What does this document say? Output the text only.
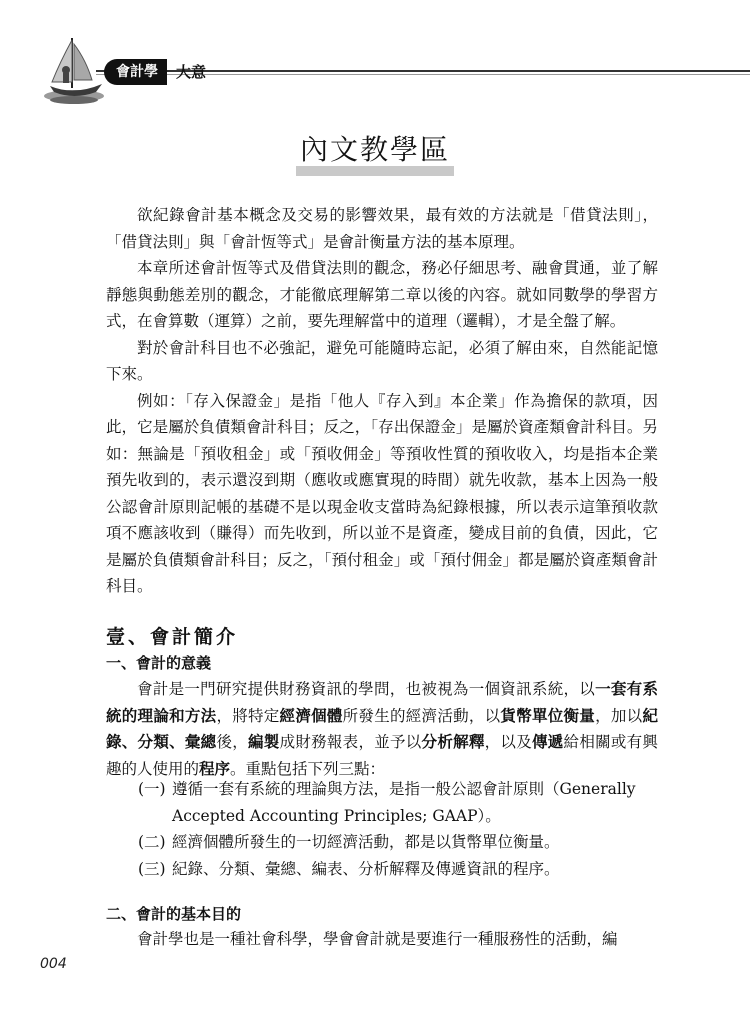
會計學	大意
內文教學區

欲紀錄會計基本概念及交易的影響效果，最有效的方法就是「借貸法則」，「借貸法則」與「會計恆等式」是會計衡量方法的基本原理。

本章所述會計恆等式及借貸法則的觀念，務必仔細思考、融會貫通，並了解靜態與動態差別的觀念，才能徹底理解第二章以後的內容。就如同數學的學習方式，在會算數（運算）之前，要先理解當中的道理（邏輯），才是全盤了解。

對於會計科目也不必強記，避免可能隨時忘記，必須了解由來，自然能記憶下來。

例如：「存入保證金」是指「他人『存入到』本企業」作為擔保的款項，因此，它是屬於負債類會計科目；反之，「存出保證金」是屬於資產類會計科目。另如：無論是「預收租金」或「預收佣金」等預收性質的預收收入，均是指本企業預先收到的，表示還沒到期（應收或應實現的時間）就先收款，基本上因為一般公認會計原則記帳的基礎不是以現金收支當時為紀錄根據，所以表示這筆預收款項不應該收到（賺得）而先收到，所以並不是資產，變成目前的負債，因此，它是屬於負債類會計科目；反之，「預付租金」或「預付佣金」都是屬於資產類會計科目。

壹、會計簡介
一、會計的意義

會計是一門研究提供財務資訊的學問，也被視為一個資訊系統，以一套有系統的理論和方法，將特定經濟個體所發生的經濟活動，以貨幣單位衡量，加以紀錄、分類、彙總後，編製成財務報表，並予以分析解釋，以及傳遞給相關或有興趣的人使用的程序。重點包括下列三點：

(一) 遵循一套有系統的理論與方法，是指一般公認會計原則（Generally Accepted Accounting Principles; GAAP）。
(二) 經濟個體所發生的一切經濟活動，都是以貨幣單位衡量。
(三) 紀錄、分類、彙總、編表、分析解釋及傳遞資訊的程序。
二、會計的基本目的

會計學也是一種社會科學，學會會計就是要進行一種服務性的活動，編

004
